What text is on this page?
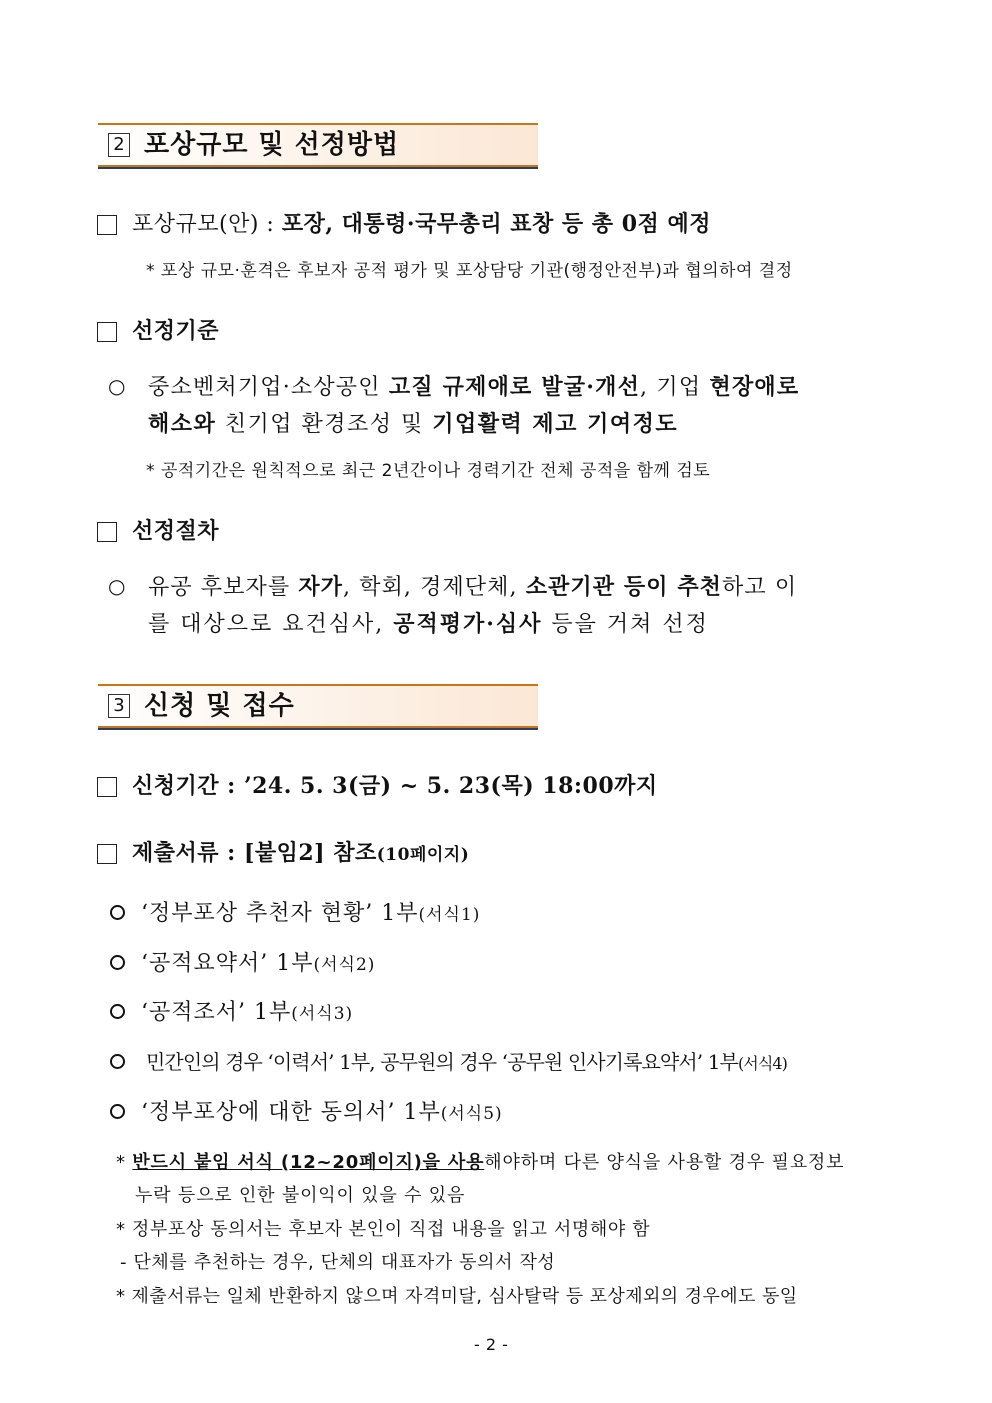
2 포상규모 및 선정방법
포상규모(안) : 포장, 대통령·국무총리 표창 등 총 0점 예정
* 포상 규모·훈격은 후보자 공적 평가 및 포상담당 기관(행정안전부)과 협의하여 결정
선정기준
○ 중소벤처기업·소상공인 고질 규제애로 발굴·개선, 기업 현장애로
해소와 친기업 환경조성 및 기업활력 제고 기여정도
* 공적기간은 원칙적으로 최근 2년간이나 경력기간 전체 공적을 함께 검토
선정절차
○ 유공 후보자를 자가, 학회, 경제단체, 소관기관 등이 추천하고 이
를 대상으로 요건심사, 공적평가·심사 등을 거쳐 선정
3 신청 및 접수
신청기간 : ’24. 5. 3(금) ~ 5. 23(목) 18:00까지
제출서류 : [붙임2] 참조(10페이지)
‘정부포상 추천자 현황’ 1부(서식1)
‘공적요약서’ 1부(서식2)
‘공적조서’ 1부(서식3)
민간인의 경우 ‘이력서’ 1부, 공무원의 경우 ‘공무원 인사기록요약서’ 1부(서식4)
‘정부포상에 대한 동의서’ 1부(서식5)
* 반드시 붙임 서식 (12~20페이지)을 사용해야하며 다른 양식을 사용할 경우 필요정보
누락 등으로 인한 불이익이 있을 수 있음
* 정부포상 동의서는 후보자 본인이 직접 내용을 읽고 서명해야 함
- 단체를 추천하는 경우, 단체의 대표자가 동의서 작성
* 제출서류는 일체 반환하지 않으며 자격미달, 심사탈락 등 포상제외의 경우에도 동일
- 2 -
